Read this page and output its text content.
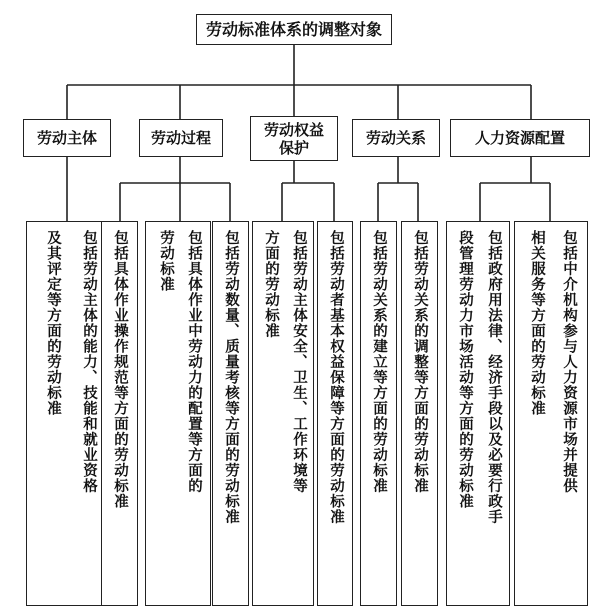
劳动标准体系的调整对象
劳动主体	劳动过程	劳动权益保护
劳动关系	人力资源配置
包括劳动主体的能力、技能和就业资格
及其评定等方面的劳动标准	包括具体作业操作规范等方面的劳动标准	包括具体作业中劳动力的配置等方面的
劳动标准	包括劳动数量、质量考核等方面的劳动标准	包括劳动主体安全、卫生、工作环境等
方面的劳动标准	包括劳动者基本权益保障等方面的劳动标准 包括劳动关系的建立等方面的劳动标准 包括劳动关系的调整等方面的劳动标准	包括政府用法律、经济手段以及必要行政手
段管理劳动力市场活动等方面的劳动标准	包括中介机构参与人力资源市场并提供
相关服务等方面的劳动标准
